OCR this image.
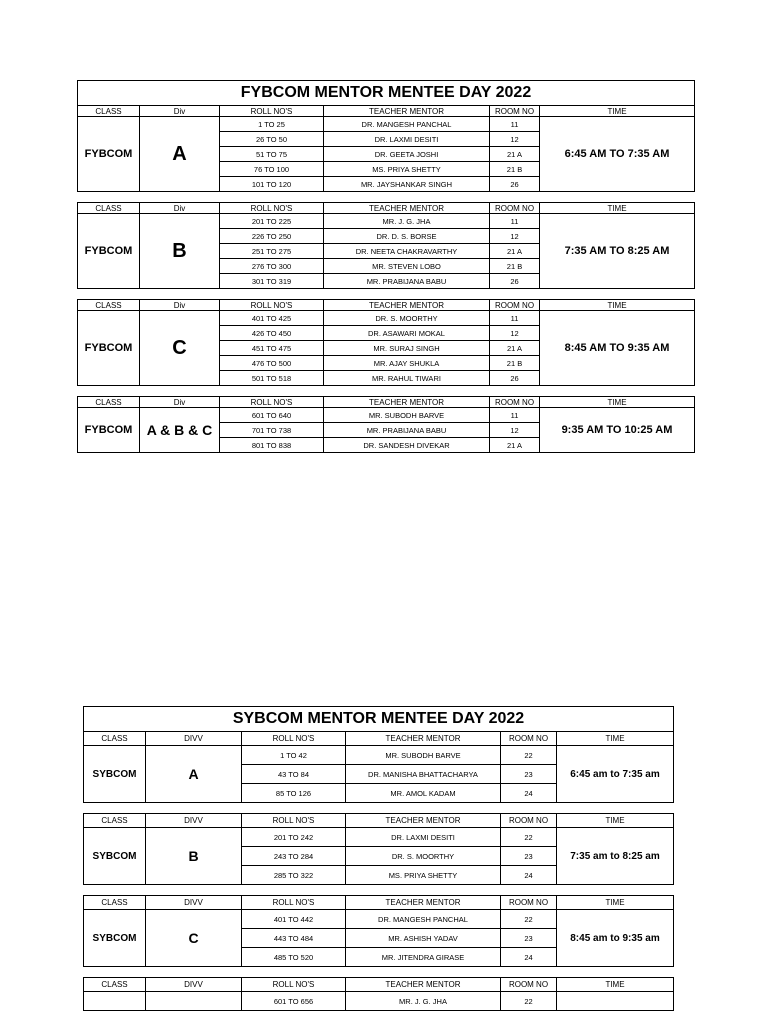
FYBCOM MENTOR MENTEE DAY 2022					
CLASS	Div	ROLL NO'S	TEACHER MENTOR	ROOM NO	TIME
FYBCOM	A	1 TO 25	DR. MANGESH PANCHAL	11	6:45 AM TO 7:35 AM
		26 TO 50	DR. LAXMI DESITI	12	
		51 TO 75	DR. GEETA JOSHI	21 A	
		76 TO 100	MS. PRIYA SHETTY	21 B	
		101 TO 120	MR. JAYSHANKAR SINGH	26	
CLASS	Div	ROLL NO'S	TEACHER MENTOR	ROOM NO	TIME
FYBCOM	B	201 TO 225	MR. J. G. JHA	11	7:35 AM TO 8:25 AM
		226 TO 250	DR. D. S. BORSE	12	
		251 TO 275	DR. NEETA CHAKRAVARTHY	21 A	
		276 TO 300	MR. STEVEN LOBO	21 B	
		301 TO 319	MR. PRABIJANA BABU	26	
CLASS	Div	ROLL NO'S	TEACHER MENTOR	ROOM NO	TIME
FYBCOM	C	401 TO 425	DR. S. MOORTHY	11	8:45 AM TO 9:35 AM
		426 TO 450	DR. ASAWARI MOKAL	12	
		451 TO 475	MR. SURAJ SINGH	21 A	
		476 TO 500	MR. AJAY SHUKLA	21 B	
		501 TO 518	MR. RAHUL TIWARI	26	
CLASS	Div	ROLL NO'S	TEACHER MENTOR	ROOM NO	TIME
FYBCOM	A & B & C	601 TO 640	MR. SUBODH BARVE	11	9:35 AM TO 10:25 AM
		701 TO 738	MR. PRABIJANA BABU	12	
		801 TO 838	DR. SANDESH DIVEKAR	21 A	
SYBCOM MENTOR MENTEE DAY 2022					
CLASS	DIVV	ROLL NO'S	TEACHER MENTOR	ROOM NO	TIME
SYBCOM	A	1 TO 42	MR. SUBODH BARVE	22	6:45 am to 7:35 am
		43 TO 84	DR. MANISHA BHATTACHARYA	23	
		85 TO 126	MR. AMOL KADAM	24	
CLASS	DIVV	ROLL NO'S	TEACHER MENTOR	ROOM NO	TIME
SYBCOM	B	201 TO 242	DR. LAXMI DESITI	22	7:35 am to 8:25 am
		243 TO 284	DR. S. MOORTHY	23	
		285 TO 322	MS. PRIYA SHETTY	24	
CLASS	DIVV	ROLL NO'S	TEACHER MENTOR	ROOM NO	TIME
SYBCOM	C	401 TO 442	DR. MANGESH PANCHAL	22	8:45 am to 9:35 am
		443 TO 484	MR. ASHISH YADAV	23	
		485 TO 520	MR. JITENDRA GIRASE	24	
CLASS	DIVV	ROLL NO'S	TEACHER MENTOR	ROOM NO	TIME
		601 TO 656	MR. J. G. JHA	22	
